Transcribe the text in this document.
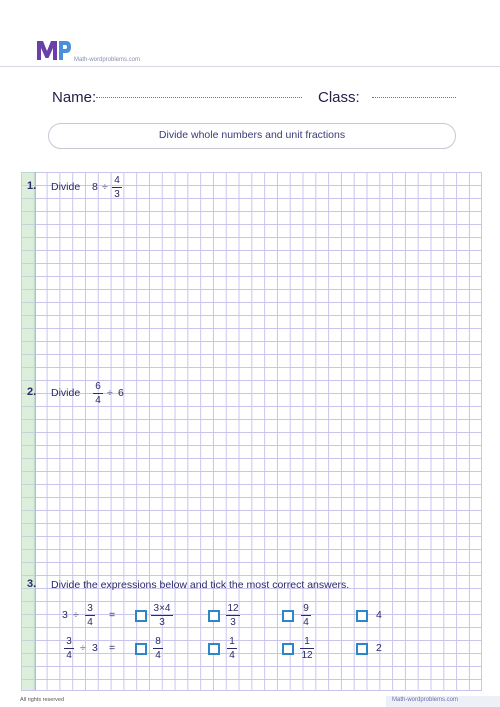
Math-wordproblems.com
Name:	Class:
Divide whole numbers and unit fractions
1. Divide 8 ÷
4
3
2. Divide
6
4
÷ 6
3. Divide the expressions below and tick the most correct answers.
3 ÷
3
4
=
3×4
3
12
3
9
4
4
3
4
÷ 3 =
8
4
1
4
1
12
2
Math-wordproblems.com
All rights reserved
